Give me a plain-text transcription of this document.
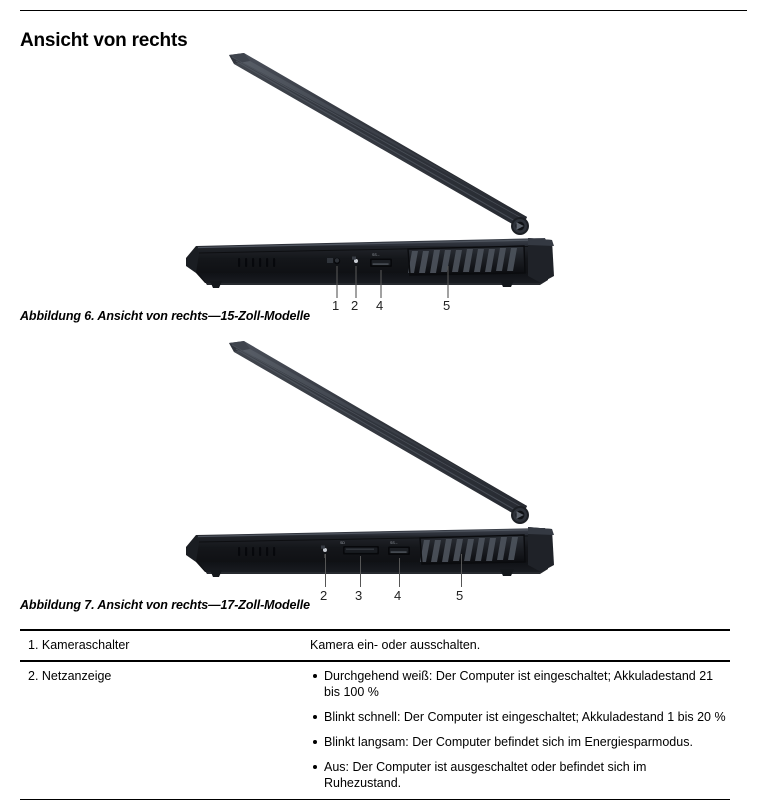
Ansicht von rechts
SS←
1 2 4	5
Abbildung 6. Ansicht von rechts—15-Zoll-Modelle
SD	SS←
2 3 4	5
Abbildung 7. Ansicht von rechts—17-Zoll-Modelle
1. Kameraschalter	Kamera ein- oder ausschalten.
2. Netzanzeige	Durchgehend weiß: Der Computer ist eingeschaltet; Akkuladestand 21 bis 100 %
Blinkt schnell: Der Computer ist eingeschaltet; Akkuladestand 1 bis 20 %
Blinkt langsam: Der Computer befindet sich im Energiesparmodus.
Aus: Der Computer ist ausgeschaltet oder befindet sich im Ruhezustand.
